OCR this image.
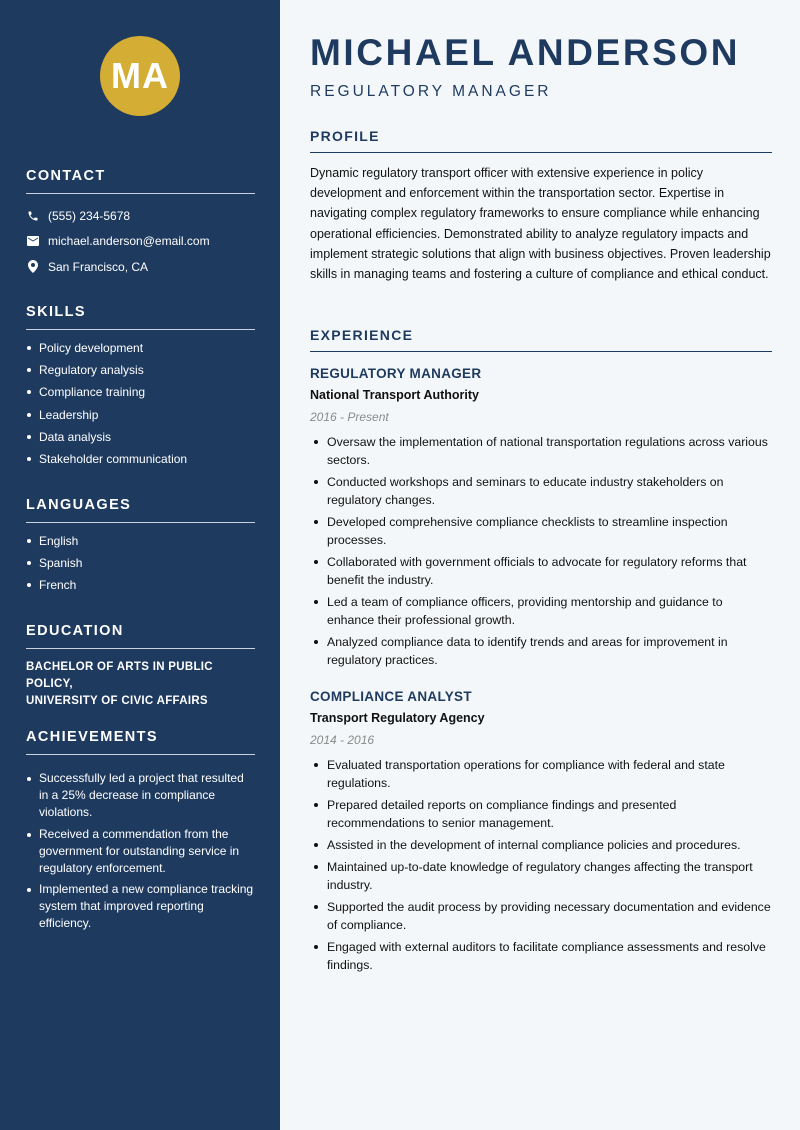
MA
CONTACT
(555) 234-5678
michael.anderson@email.com
San Francisco, CA
SKILLS
Policy development
Regulatory analysis
Compliance training
Leadership
Data analysis
Stakeholder communication
LANGUAGES
English
Spanish
French
EDUCATION
BACHELOR OF ARTS IN PUBLIC POLICY,
UNIVERSITY OF CIVIC AFFAIRS
ACHIEVEMENTS
Successfully led a project that resulted in a 25% decrease in compliance violations.
Received a commendation from the government for outstanding service in regulatory enforcement.
Implemented a new compliance tracking system that improved reporting efficiency.
MICHAEL ANDERSON
REGULATORY MANAGER
PROFILE
Dynamic regulatory transport officer with extensive experience in policy development and enforcement within the transportation sector. Expertise in navigating complex regulatory frameworks to ensure compliance while enhancing operational efficiencies. Demonstrated ability to analyze regulatory impacts and implement strategic solutions that align with business objectives. Proven leadership skills in managing teams and fostering a culture of compliance and ethical conduct.
EXPERIENCE
REGULATORY MANAGER
National Transport Authority
2016 - Present
Oversaw the implementation of national transportation regulations across various sectors.
Conducted workshops and seminars to educate industry stakeholders on regulatory changes.
Developed comprehensive compliance checklists to streamline inspection processes.
Collaborated with government officials to advocate for regulatory reforms that benefit the industry.
Led a team of compliance officers, providing mentorship and guidance to enhance their professional growth.
Analyzed compliance data to identify trends and areas for improvement in regulatory practices.
COMPLIANCE ANALYST
Transport Regulatory Agency
2014 - 2016
Evaluated transportation operations for compliance with federal and state regulations.
Prepared detailed reports on compliance findings and presented recommendations to senior management.
Assisted in the development of internal compliance policies and procedures.
Maintained up-to-date knowledge of regulatory changes affecting the transport industry.
Supported the audit process by providing necessary documentation and evidence of compliance.
Engaged with external auditors to facilitate compliance assessments and resolve findings.
